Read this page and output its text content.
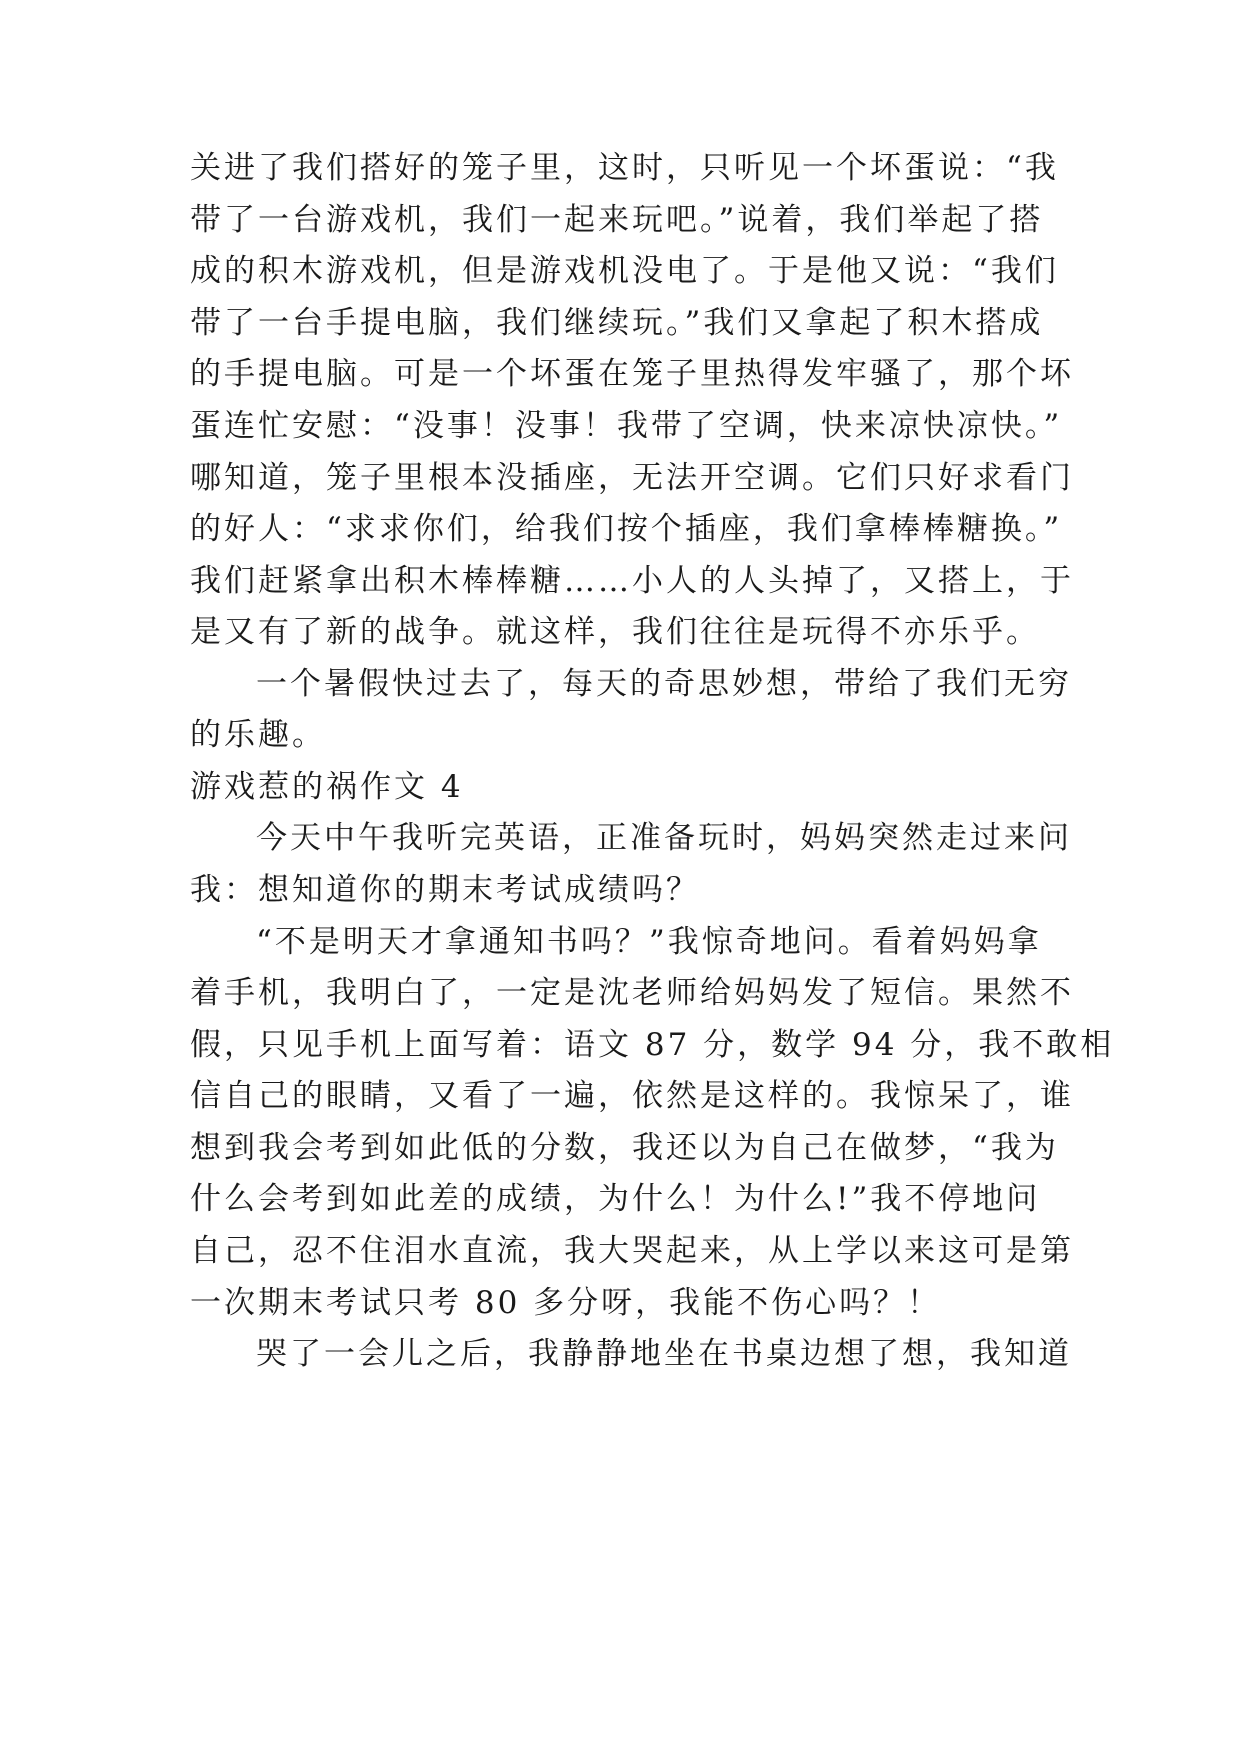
关进了我们搭好的笼子里，这时，只听见一个坏蛋说：“我
带了一台游戏机，我们一起来玩吧。”说着，我们举起了搭
成的积木游戏机，但是游戏机没电了。于是他又说：“我们
带了一台手提电脑，我们继续玩。”我们又拿起了积木搭成
的手提电脑。可是一个坏蛋在笼子里热得发牢骚了，那个坏
蛋连忙安慰：“没事！没事！我带了空调，快来凉快凉快。”
哪知道，笼子里根本没插座，无法开空调。它们只好求看门
的好人：“求求你们，给我们按个插座，我们拿棒棒糖换。”
我们赶紧拿出积木棒棒糖……小人的人头掉了，又搭上，于
是又有了新的战争。就这样，我们往往是玩得不亦乐乎。
一个暑假快过去了，每天的奇思妙想，带给了我们无穷
的乐趣。
游戏惹的祸作文 4
今天中午我听完英语，正准备玩时，妈妈突然走过来问
我：想知道你的期末考试成绩吗？
“不是明天才拿通知书吗？”我惊奇地问。看着妈妈拿
着手机，我明白了，一定是沈老师给妈妈发了短信。果然不
假，只见手机上面写着：语文 87 分，数学 94 分，我不敢相
信自己的眼睛，又看了一遍，依然是这样的。我惊呆了，谁
想到我会考到如此低的分数，我还以为自己在做梦，“我为
什么会考到如此差的成绩，为什么！为什么!”我不停地问
自己，忍不住泪水直流，我大哭起来，从上学以来这可是第
一次期末考试只考 80 多分呀，我能不伤心吗？！
哭了一会儿之后，我静静地坐在书桌边想了想，我知道
